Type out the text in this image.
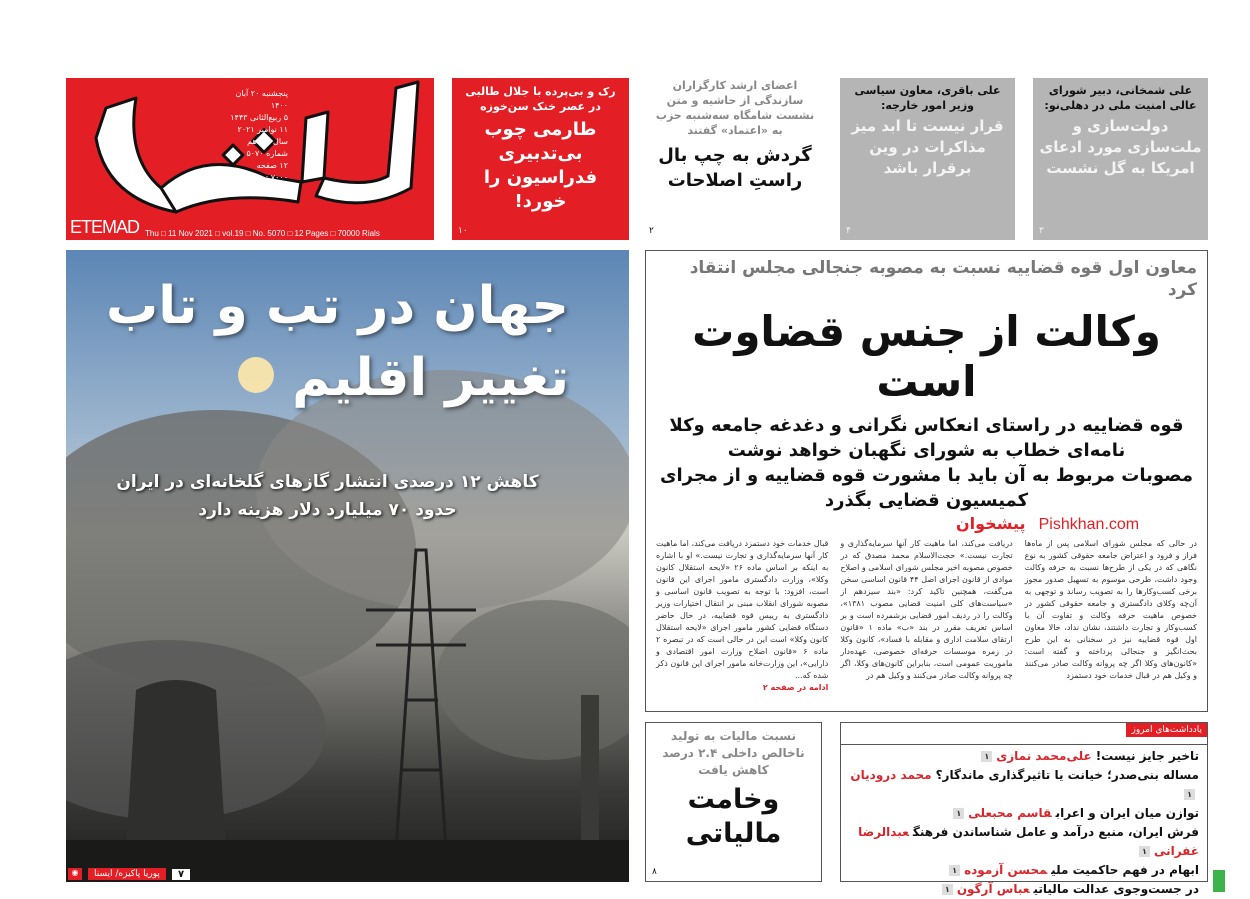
پنجشنبه ۲۰ آبان ۱۴۰۰
۵ ربیع‌الثانی ۱۴۴۳
۱۱ نوامبر ۲۰۲۱
سال نوزدهم
شماره ۵۰۷۰
۱۲ صفحه
۷۰۰۰ تومان
ETEMAD Thu □ 11 Nov 2021 □ vol.19 □ No. 5070 □ 12 Pages □ 70000 Rials
رک و بی‌پرده با جلال طالبی در عصر خنک سن‌خوزه
طارمی چوب بی‌تدبیری فدراسیون را خورد!
۱۰
اعضای ارشد کارگزاران سازندگی از حاشیه و متن نشست شامگاه سه‌شنبه حزب به «اعتماد» گفتند
گردش به چپ بال راستِ اصلاحات
۲
علی باقری، معاون سیاسی وزیر امور خارجه:
قرار نیست تا ابد میز مذاکرات در وین برقرار باشد
۴
علی شمخانی، دبیر شورای عالی امنیت ملی در دهلی‌نو:
دولت‌سازی و ملت‌سازی مورد ادعای امریکا به گل نشست
۳
جهان در تب و تاب
تغییر اقلیم
کاهش ۱۲ درصدی انتشار گازهای گلخانه‌ای در ایران
حدود ۷۰ میلیارد دلار هزینه دارد
◉	پوریا پاکیزه/ ایسنا	۷
معاون اول قوه قضاییه نسبت به مصوبه جنجالی مجلس انتقاد کرد
وکالت از جنس قضاوت است
قوه قضاییه در راستای انعکاس نگرانی و دغدغه جامعه وکلا
نامه‌ای خطاب به شورای نگهبان خواهد نوشت
مصوبات مربوط به آن باید با مشورت قوه قضاییه و از مجرای
کمیسیون قضایی بگذرد
پیشخوان Pishkhan.com
در حالی که مجلس شورای اسلامی پس از ماه‌ها فراز و فرود و اعتراض جامعه حقوقی کشور به نوع نگاهی که در یکی از طرح‌ها نسبت به حرفه وکالت وجود داشت، طرحی موسوم به تسهیل صدور مجوز برخی کسب‌وکارها را به تصویب رساند و توجهی به آن‌چه وکلای دادگستری و جامعه حقوقی کشور در خصوص ماهیت حرفه وکالت و تفاوت آن با کسب‌وکار و تجارت داشتند، نشان نداد، حالا معاون اول قوه قضاییه نیز در سخنانی به این طرح بحث‌انگیز و جنجالی پرداخته و گفته است: «کانون‌های وکلا اگر چه پروانه وکالت صادر می‌کنند و وکیل هم در قبال خدمات خود دستمزد
دریافت می‌کند، اما ماهیت کار آنها سرمایه‌گذاری و تجارت نیست.» حجت‌الاسلام محمد مصدق که در خصوص مصوبه اخیر مجلس شورای اسلامی و اصلاح موادی از قانون اجرای اصل ۴۴ قانون اساسی سخن می‌گفت، همچنین تاکید کرد: «بند سیزدهم از «سیاست‌های کلی امنیت قضایی مصوب ۱۳۸۱»، وکالت را در ردیف امور قضایی برشمرده است و بر اساس تعریف مقرر در بند «ب» ماده ۱ «قانون ارتقای سلامت اداری و مقابله با فساد»، کانون وکلا در زمره موسسات حرفه‌ای خصوصی، عهده‌دار ماموریت عمومی است، بنابراین کانون‌های وکلا، اگر چه پروانه وکالت صادر می‌کنند و وکیل هم در
قبال خدمات خود دستمزد دریافت می‌کند، اما ماهیت کار آنها سرمایه‌گذاری و تجارت نیست.» او با اشاره به اینکه بر اساس ماده ۲۶ «لایحه استقلال کانون وکلا»، وزارت دادگستری مامور اجرای این قانون است، افزود: با توجه به تصویب قانون اساسی و مصوبه شورای انقلاب مبنی بر انتقال اختیارات وزیر دادگستری به رییس قوه قضاییه، در حال حاضر دستگاه قضایی کشور مامور اجرای «لایحه استقلال کانون وکلا» است این در حالی است که در تبصره ۲ ماده ۶ «قانون اصلاح وزارت امور اقتصادی و دارایی»، این وزارت‌خانه مامور اجرای این قانون ذکر شده که...
ادامه در صفحه ۲
نسبت مالیات به تولید ناخالص داخلی ۲.۴ درصد کاهش یافت
وخامت
مالیاتی
۸
یادداشت‌های امروز
تاخیر جایز نیست!علی‌محمد نمازی۱
مساله بنی‌صدر؛ خیانت یا تاثیرگذاری ماندگار؟محمد درودیان۱
توازن میان ایران و اعرابقاسم محبعلی۱
فرش ایران، منبع درآمد و عامل شناساندن فرهنگعبدالرضا غفرانی۱
ابهام در فهم حاکمیت ملیمحسن آزموده۱
در جست‌وجوی عدالت مالیاتیعباس آرگون۱
